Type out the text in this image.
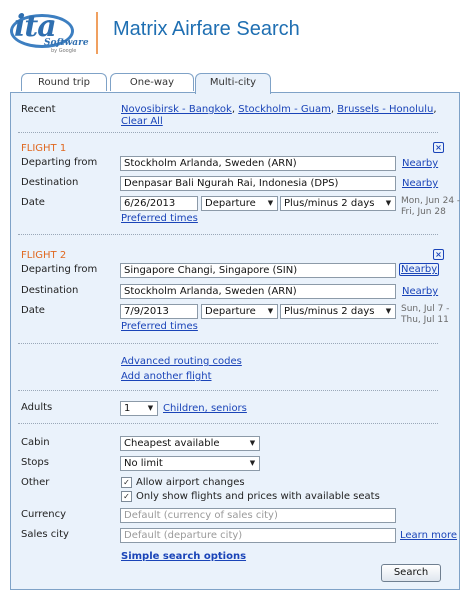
ita
Software
by Google
Matrix Airfare Search
Round trip	One-way	Multi-city
Recent	Novosibirsk - Bangkok, Stockholm - Guam, Brussels - Honolulu,
Clear All
FLIGHT 1	×
Departing from	Stockholm Arlanda, Sweden (ARN)	Nearby
Destination	Denpasar Bali Ngurah Rai, Indonesia (DPS)	Nearby
Date	6/26/2013	Departure	▼	Plus/minus 2 days	▼	Mon, Jun 24 -
Fri, Jun 28
Preferred times
FLIGHT 2	×
Departing from	Singapore Changi, Singapore (SIN)	Nearby
Destination	Stockholm Arlanda, Sweden (ARN)	Nearby
Date	7/9/2013	Departure	▼	Plus/minus 2 days	▼	Sun, Jul 7 -
Thu, Jul 11
Preferred times
Advanced routing codes
Add another flight
Adults	1	▼ Children, seniors
Cabin	Cheapest available	▼
Stops	No limit	▼
Other	✓ Allow airport changes
✓ Only show flights and prices with available seats
Currency	Default (currency of sales city)
Sales city	Default (departure city)	Learn more
Simple search options
Search
